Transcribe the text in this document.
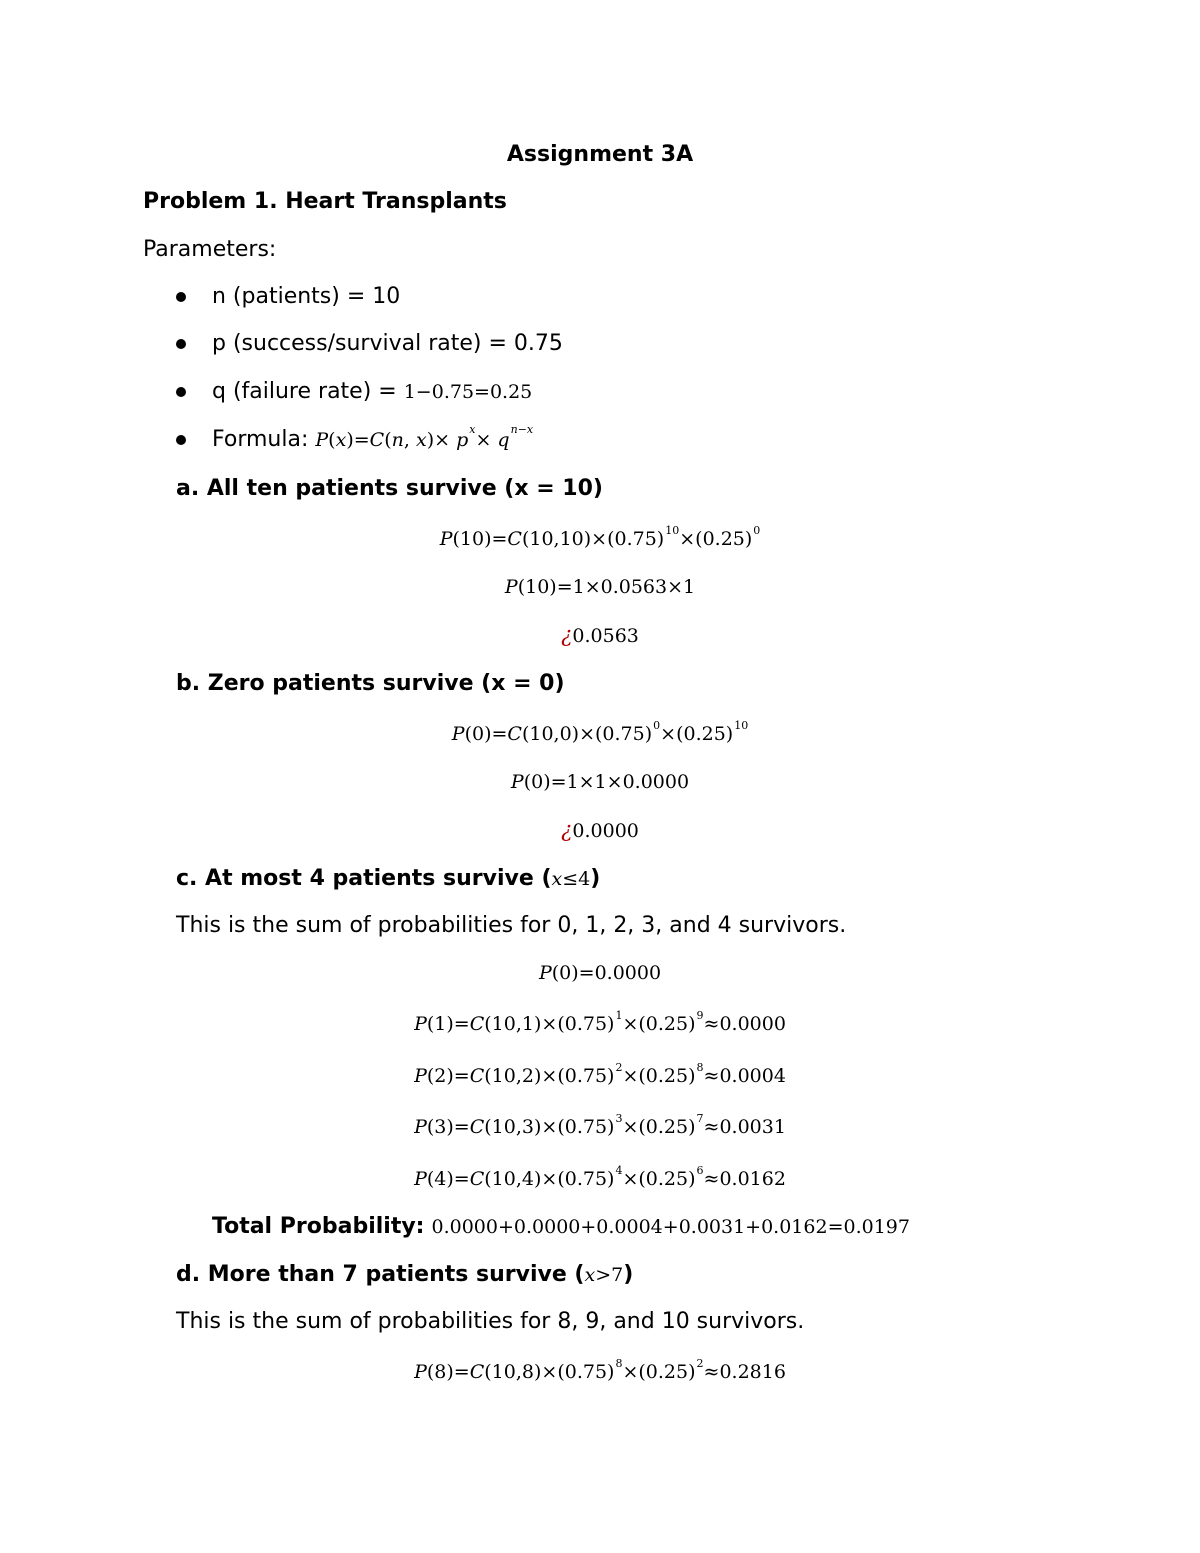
Assignment 3A
Problem 1. Heart Transplants
Parameters:
n (patients) = 10
p (success/survival rate) = 0.75
q (failure rate) = 1−0.75=0.25
Formula: P(x)=C(n, $x)\times p^x\times q^{n-x}$
a. All ten patients survive (x = 10)
$P(10)=C(10,10)\times(0.75)^{10}\times(0.25)^0$
P(10)=1×0.0563×1
¿0.0563
b. Zero patients survive (x = 0)
$P(0)=C(10,0)\times(0.75)^0\times(0.25)^{10}$
P(0)=1×1×0.0000
¿0.0000
c. At most 4 patients survive (x≤4)
This is the sum of probabilities for 0, 1, 2, 3, and 4 survivors.
P(0)=0.0000
$P(1)=C(10,1)\times(0.75)^1\times(0.25)^9\approx 0.0000$
$P(2)=C(10,2)\times(0.75)^2\times(0.25)^8\approx 0.0004$
$P(3)=C(10,3)\times(0.75)^3\times(0.25)^7\approx 0.0031$
$P(4)=C(10,4)\times(0.75)^4\times(0.25)^6\approx 0.0162$
Total Probability: 0.0000+0.0000+0.0004+0.0031+0.0162=0.0197
d. More than 7 patients survive (x>7)
This is the sum of probabilities for 8, 9, and 10 survivors.
$P(8)=C(10,8)\times(0.75)^8\times(0.25)^2\approx 0.2816$
